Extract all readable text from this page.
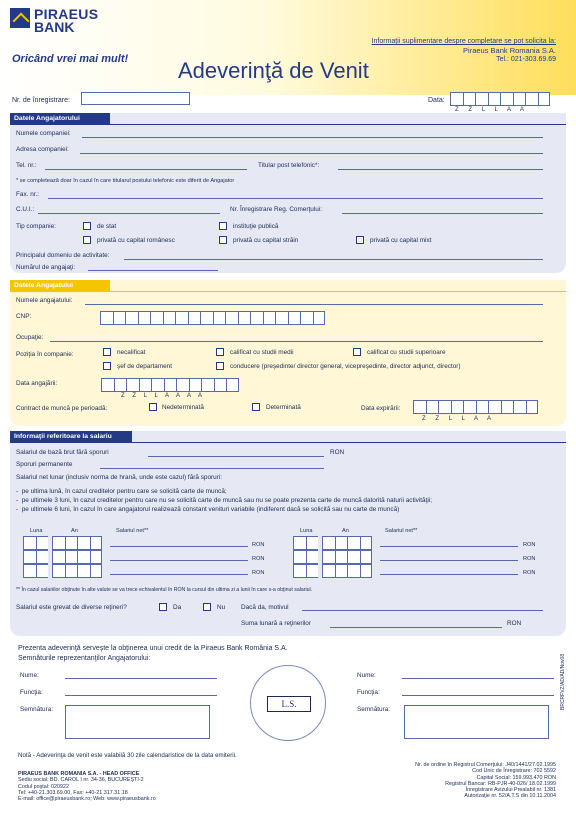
PIRAEUS
BANK
Oricând vrei mai mult!
Informaţii suplimentare despre completare se pot solicita la:
Piraeus Bank Romania S.A.
Tel.: 021-303.69.69
Adeverinţă de Venit
Nr. de înregistrare:	Data:
Z Z L L A A
Datele Angajatorului
Numele companiei:
Adresa companiei:
Tel. nr.:	Titular post telefonic*:
* se completează doar în cazul în care titularul postului telefonic este diferit de Angajator
Fax. nr.:
C.U.I.:	Nr. Înregistrare Reg. Comerţului:
Tip companie:	de stat	instituţie publică
privată cu capital românesc	privată cu capital străin	privată cu capital mixt
Principalul domeniu de activitate:
Numărul de angajaţi:
Datele Angajatului
Numele angajatului:
CNP:
Ocupaţie:
Poziţia în companie:	necalificat	calificat cu studii medii	calificat cu studii superioare
şef de departament	conducere (preşedinte/ director general, vicepreşedinte, director adjunct, director)
Data angajării:
Z Z L L A A A A
Contract de muncă pe perioadă:	Nedeterminată	Determinată	Data expirării:
Z Z L L A A
Informaţii referitoare la salariu
Salariul de bază brut fără sporuri	RON
Sporuri permanente
Salariul net lunar (inclusiv norma de hrană, unde este cazul) fără sporuri:
-  pe ultima lună, în cazul creditelor pentru care se solicită carte de muncă;
-  pe ultimele 3 luni, în cazul creditelor pentru care nu se solicită carte de muncă sau nu se poate prezenta carte de muncă datorită naturii activităţii;
-  pe ultimele 6 luni, în cazul în care angajatorul realizează constant venituri variabile (indiferent dacă se solicită sau nu carte de muncă)
Luna	An	Salariul net**
RON
RON
RON
Luna	An	Salariul net**
RON
RON
RON
** În cazul salariilor obţinute în alte valute se va trece echivalentul în RON la cursul din ultima zi a lunii în care s-a obţinut salariul.
Salariul este grevat de diverse reţineri?	Da	Nu Dacă da, motivul
Suma lunară a reţinerilor	RON
Prezenta adeverinţă serveşte la obţinerea unui credit de la Piraeus Bank România S.A.
Semnăturile reprezentanţilor Angajatorului:
Nume:
Funcţia:
Semnătura:
L.S.
Nume:
Funcţia:
Semnătura:
Notă - Adeverinţa de venit este valabilă 30 zile calendaristice de la data emiterii.
PIRAEUS BANK ROMANIA S.A. - HEAD OFFICE
Sediu social: BD. CAROL I nr. 34-36, BUCUREŞTI-2
Codul poştal: 020922
Tel: +40-21.303.69.00, Fax: +40-21.317.31.18
E-mail: office@piraeusbank.ro; Web: www.piraeusbank.ro
Nr. de ordine în Registrul Comerţului: J40/1441/27.02.1995
Cod Unic de Înregistrare: 702 5592
Capital Social: 159.993.470 RON
Registrul Bancar: RB-PJR-40-026/ 18.02.1999
Înregistrare Avizului Prealabil nr. 1381
Autorizaţie nr. 52/A.T.S din 10.11.2004
BRCRFVZ/AD/AD/Nov08
